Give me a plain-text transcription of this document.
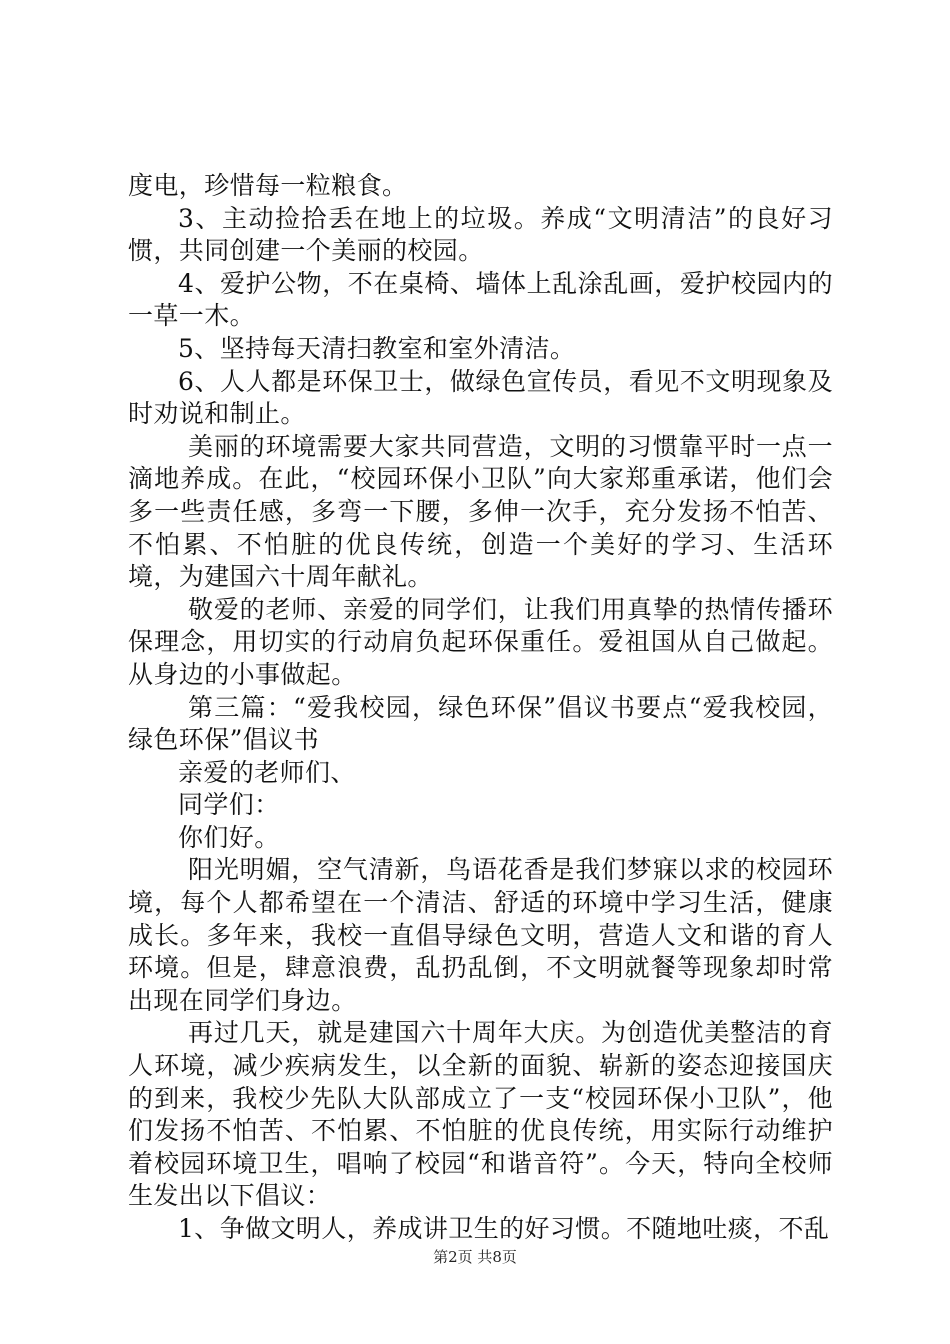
度电，珍惜每一粒粮食。

3、主动捡拾丢在地上的垃圾。养成“文明清洁”的良好习惯，共同创建一个美丽的校园。

4、爱护公物，不在桌椅、墙体上乱涂乱画，爱护校园内的一草一木。

5、坚持每天清扫教室和室外清洁。

6、人人都是环保卫士，做绿色宣传员，看见不文明现象及时劝说和制止。

美丽的环境需要大家共同营造，文明的习惯靠平时一点一滴地养成。在此，“校园环保小卫队”向大家郑重承诺，他们会多一些责任感，多弯一下腰，多伸一次手，充分发扬不怕苦、不怕累、不怕脏的优良传统，创造一个美好的学习、生活环境，为建国六十周年献礼。

敬爱的老师、亲爱的同学们，让我们用真挚的热情传播环保理念，用切实的行动肩负起环保重任。爱祖国从自己做起。从身边的小事做起。

第三篇：“爱我校园，绿色环保”倡议书要点“爱我校园，绿色环保”倡议书

亲爱的老师们、

同学们：

你们好。

阳光明媚，空气清新，鸟语花香是我们梦寐以求的校园环境，每个人都希望在一个清洁、舒适的环境中学习生活，健康成长。多年来，我校一直倡导绿色文明，营造人文和谐的育人环境。但是，肆意浪费，乱扔乱倒，不文明就餐等现象却时常出现在同学们身边。

再过几天，就是建国六十周年大庆。为创造优美整洁的育人环境，减少疾病发生，以全新的面貌、崭新的姿态迎接国庆的到来，我校少先队大队部成立了一支“校园环保小卫队”，他们发扬不怕苦、不怕累、不怕脏的优良传统，用实际行动维护着校园环境卫生，唱响了校园“和谐音符”。今天，特向全校师生发出以下倡议：

1、争做文明人，养成讲卫生的好习惯。不随地吐痰，不乱

第2页 共8页
